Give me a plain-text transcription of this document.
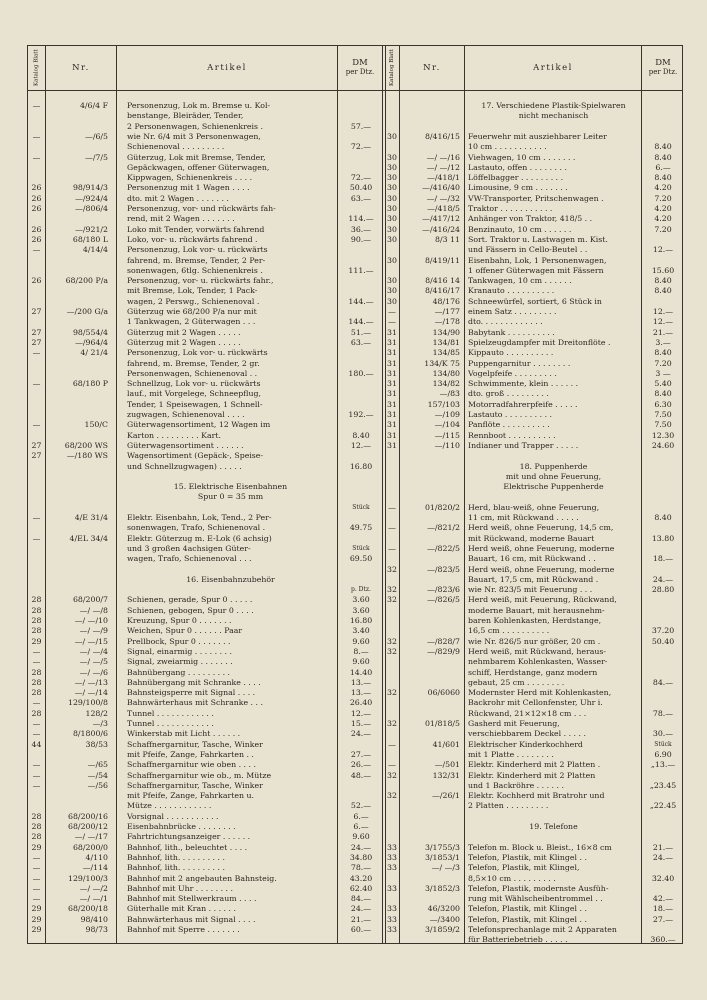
Katalog Blatt	Nr.	Artikel	DM
per Dtz.	Katalog Blatt	Nr.	Artikel	DM
per Dtz.
—	4/6/4 F	Personenzug, Lok m. Bremse u. Kol-
benstange, Bleiräder, Tender,
2 Personenwagen, Schienenkreis .	57.—
—	—/6/5	wie Nr. 6/4 mit 3 Personenwagen,
Schienenoval . . . . . . . . .	72.—
—	—/7/5	Güterzug, Lok mit Bremse, Tender,
Gepäckwagen, offener Güterwagen,
Kippwagen, Schienenkreis . . . .	72.—
26	98/914/3	Personenzug mit 1 Wagen . . . .	50.40
26	—/924/4	dto. mit 2 Wagen . . . . . . .	63.—
26	—/806/4	Personenzug, vor- und rückwärts fah-
rend, mit 2 Wagen . . . . . . .	114.—
26	—/921/2	Loko mit Tender, vorwärts fahrend	36.—
26	68/180 L	Loko, vor- u. rückwärts fahrend .	90.—
—	4/14/4	Personenzug, Lok vor- u. rückwärts
fahrend, m. Bremse, Tender, 2 Per-
sonenwagen, 6tlg. Schienenkreis .	111.—
26	68/200 P/a	Personenzug, vor- u. rückwärts fahr.,
mit Bremse, Lok, Tender, 1 Pack-
wagen, 2 Perswg., Schienenoval .	144.—
27	—/200 G/a	Güterzug wie 68/200 P/a nur mit
1 Tankwagen, 2 Güterwagen . . .	144.—
27	98/554/4	Güterzug mit 2 Wagen . . . . .	51.—
27	—/964/4	Güterzug mit 2 Wagen . . . . .	63.—
—	4/ 21/4	Personenzug, Lok vor- u. rückwärts
fahrend, m. Bremse, Tender, 2 gr.
Personenwagen, Schienenoval . .	180.—
—	68/180 P	Schnellzug, Lok vor- u. rückwärts
lauf., mit Vorgelege, Schneepflug,
Tender, 1 Speisewagen, 1 Schnell-
zugwagen, Schienenoval . . . .	192.—
—	150/C	Güterwagensortiment, 12 Wagen im
Karton . . . . . . . . . Kart.	8.40
27	68/200 WS	Güterwagensortiment . . . . . .	12.—
27	—/180 WS	Wagensortiment (Gepäck-, Speise-
und Schnellzugwagen) . . . . .	16.80
15. Elektrische Eisenbahnen
Spur 0 = 35 mm
Stück
—	4/E 31/4	Elektr. Eisenbahn, Lok, Tend., 2 Per-
sonenwagen, Trafo, Schienenoval .	49.75
—	4/EL 34/4	Elektr. Güterzug m. E-Lok (6 achsig)
und 3 großen 4achsigen Güter-	Stück
wagen, Trafo, Schienenoval . . .	69.50
16. Eisenbahnzubehör
p. Dtz.
28	68/200/7	Schienen, gerade, Spur 0 . . . . .	3.60
28	—/ —/8	Schienen, gebogen, Spur 0 . . . .	3.60
28	—/ —/10	Kreuzung, Spur 0 . . . . . . .	16.80
28	—/ —/9	Weichen, Spur 0 . . . . . . Paar	3.40
29	—/ —/15	Prellbock, Spur 0 . . . . . . .	9.60
—	—/ —/4	Signal, einarmig . . . . . . . .	8.—
—	—/ —/5	Signal, zweiarmig . . . . . . .	9.60
28	—/ —/6	Bahnübergang . . . . . . . . .	14.40
28	—/ —/13	Bahnübergang mit Schranke . . . .	13.—
28	—/ —/14	Bahnsteigsperre mit Signal . . . .	13.—
—	129/100/8	Bahnwärterhaus mit Schranke . . .	26.40
28	128/2	Tunnel . . . . . . . . . . . .	12.—
—	—/3	Tunnel . . . . . . . . . . . .	15.—
—	8/1800/6	Winkerstab mit Licht . . . . . .	24.—
44	38/53	Schaffnergarnitur, Tasche, Winker
mit Pfeife, Zange, Fahrkarten . .	27.—
—	—/65	Schaffnergarnitur wie oben . . . .	26.—
—	—/54	Schaffnergarnitur wie ob., m. Mütze	48.—
—	—/56	Schaffnergarnitur, Tasche, Winker
mit Pfeife, Zange, Fahrkarten u.
Mütze . . . . . . . . . . . .	52.—
28	68/200/16	Vorsignal . . . . . . . . . . .	6.—
28	68/200/12	Eisenbahnbrücke . . . . . . . .	6.—
28	—/ —/17	Fahrtrichtungsanzeiger . . . . . .	9.60
29	68/200/0	Bahnhof, lith., beleuchtet . . . .	24.—
—	4/110	Bahnhof, lith. . . . . . . . . .	34.80
—	—/114	Bahnhof, lith. . . . . . . . . .	78.—
—	129/100/3	Bahnhof mit 2 angebauten Bahnsteig.	43.20
—	—/ —/2	Bahnhof mit Uhr . . . . . . . .	62.40
—	—/ —/1	Bahnhof mit Stellwerkraum . . . .	84.—
29	68/200/18	Güterhalle mit Kran . . . . . .	24.—
29	98/410	Bahnwärterhaus mit Signal . . . .	21.—
29	98/73	Bahnhof mit Sperre . . . . . . .	60.—
17. Verschiedene Plastik-Spielwaren
nicht mechanisch
30	8/416/15	Feuerwehr mit ausziehbarer Leiter
10 cm . . . . . . . . . . .	8.40
30	—/ —/16	Viehwagen, 10 cm . . . . . . .	8.40
30	—/ —/12	Lastauto, offen . . . . . . . .	6.—
30	—/418/1	Löffelbagger . . . . . . . . .	8.40
30	—/416/40	Limousine, 9 cm . . . . . . .	4.20
30	—/ —/32	VW-Transporter, Pritschenwagen .	7.20
30	—/418/5	Traktor . . . . . . . . . . .	4.20
30	—/417/12	Anhänger von Traktor, 418/5 . .	4.20
30	—/416/24	Benzinauto, 10 cm . . . . . .	7.20
30	8/3 11	Sort. Traktor u. Lastwagen m. Kist.
und Fässern in Cello-Beutel . .	12.—
30	8/419/11	Eisenbahn, Lok, 1 Personenwagen,
1 offener Güterwagen mit Fässern	15.60
30	8/416 14	Tankwagen, 10 cm . . . . . .	8.40
30	8/416/17	Kranauto . . . . . . . . . .	8.40
30	48/176	Schneewürfel, sortiert, 6 Stück in
—	—/177	einem Satz . . . . . . . . .	12.—
—	—/178	dto. . . . . . . . . . . . .	12.—
31	134/90	Babytank . . . . . . . . . .	21.—
31	134/81	Spielzeugdampfer mit Dreitonflöte .	3.—
31	134/85	Kippauto . . . . . . . . . .	8.40
31	134/K 75	Puppengarnitur . . . . . . . .	7.20
31	134/80	Vogelpfeife . . . . . . . . .	3 —
31	134/82	Schwimmente, klein . . . . . .	5.40
31	—/83	dto. groß . . . . . . . . .	8.40
31	157/103	Motorradfahrerpfeife . . . . .	6.30
31	—/109	Lastauto . . . . . . . . . .	7.50
31	—/104	Panflöte . . . . . . . . . .	7.50
31	—/115	Rennboot . . . . . . . . . .	12.30
31	—/110	Indianer und Trapper . . . . .	24.60
18. Puppenherde
mit und ohne Feuerung,
Elektrische Puppenherde
—	01/820/2	Herd, blau-weiß, ohne Feuerung,
11 cm, mit Rückwand . . . . .	8.40
—	—/821/2	Herd weiß, ohne Feuerung, 14,5 cm,
mit Rückwand, moderne Bauart	13.80
—	—/822/5	Herd weiß, ohne Feuerung, moderne
Bauart, 16 cm, mit Rückwand . .	18.—
32	—/823/5	Herd weiß, ohne Feuerung, moderne
Bauart, 17,5 cm, mit Rückwand .	24.—
32	—/823/6	wie Nr. 823/5 mit Feuerung . . .	28.80
32	—/826/5	Herd weiß, mit Feuerung, Rückwand,
moderne Bauart, mit herausnehm-
baren Kohlenkasten, Herdstange,
16,5 cm . . . . . . . . . .	37.20
32	—/828/7	wie Nr. 826/5 nur größer, 20 cm .	50.40
32	—/829/9	Herd weiß, mit Rückwand, heraus-
nehmbarem Kohlenkasten, Wasser-
schiff, Herdstange, ganz modern
gebaut, 25 cm . . . . . . . .	84.—
32	06/6060	Modernster Herd mit Kohlenkasten,
Backrohr mit Cellonfenster, Uhr i.
Rückwand, 21×12×18 cm . . .	78.—
32	01/818/5	Gasherd mit Feuerung,
verschiebbarem Deckel . . . . .	30.—
—	41/601	Elektrischer Kinderkochherd	Stück
mit 1 Platte . . . . . . . .	6.90
—	—/501	Elektr. Kinderherd mit 2 Platten .	„13.—
32	132/31	Elektr. Kinderherd mit 2 Platten
und 1 Backröhre . . . . . .	„23.45
32	—/26/1	Elektr. Kochherd mit Bratrohr und
2 Platten . . . . . . . . .	„22.45
19. Telefone
33	3/1755/3	Telefon m. Block u. Bleist., 16×8 cm	21.—
33	3/1853/1	Telefon, Plastik, mit Klingel . .	24.—
33	—/ —/3	Telefon, Plastik, mit Klingel,
8,5×10 cm . . . . . . . . .	32.40
33	3/1852/3	Telefon, Plastik, modernste Ausfüh-
rung mit Wählscheibentrommel . .	42.—
33	46/3200	Telefon, Plastik, mit Klingel . .	18.—
33	—/3400	Telefon, Plastik, mit Klingel . .	27.—
33	3/1859/2	Telefonsprechanlage mit 2 Apparaten
für Batteriebetrieb . . . . .	360.—
